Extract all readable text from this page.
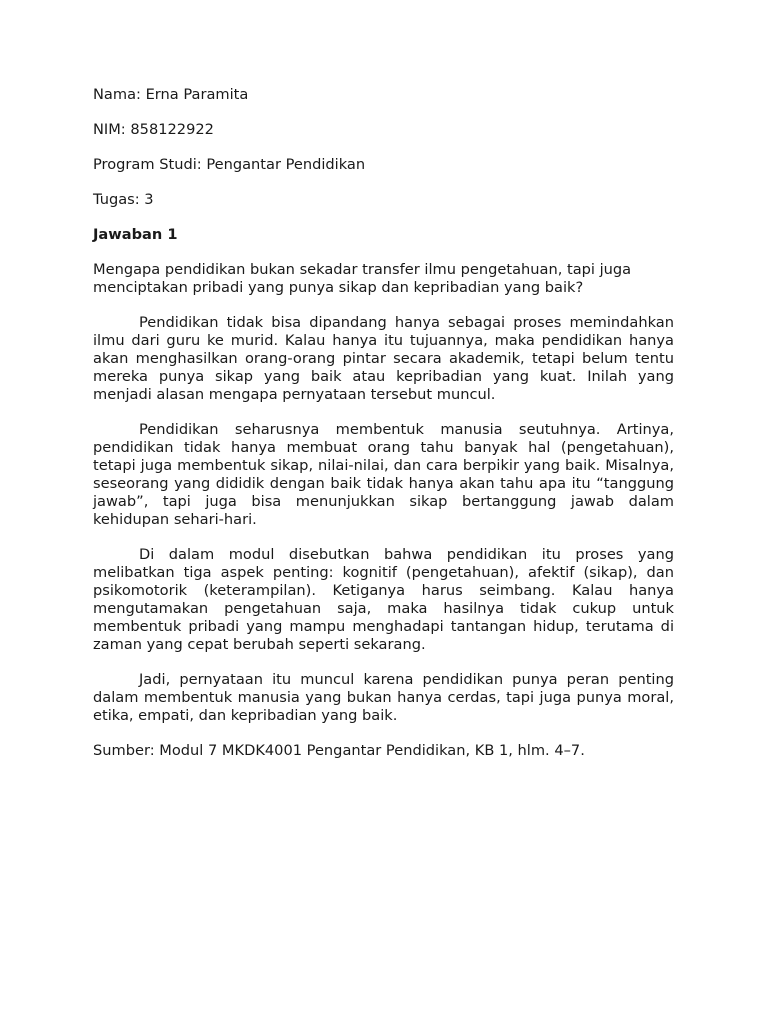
Nama: Erna Paramita

NIM: 858122922

Program Studi: Pengantar Pendidikan

Tugas: 3

Jawaban 1

Mengapa pendidikan bukan sekadar transfer ilmu pengetahuan, tapi juga menciptakan pribadi yang punya sikap dan kepribadian yang baik?

Pendidikan tidak bisa dipandang hanya sebagai proses memindahkan ilmu dari guru ke murid. Kalau hanya itu tujuannya, maka pendidikan hanya akan menghasilkan orang-orang pintar secara akademik, tetapi belum tentu mereka punya sikap yang baik atau kepribadian yang kuat. Inilah yang menjadi alasan mengapa pernyataan tersebut muncul.

Pendidikan seharusnya membentuk manusia seutuhnya. Artinya, pendidikan tidak hanya membuat orang tahu banyak hal (pengetahuan), tetapi juga membentuk sikap, nilai-nilai, dan cara berpikir yang baik. Misalnya, seseorang yang dididik dengan baik tidak hanya akan tahu apa itu “tanggung jawab”, tapi juga bisa menunjukkan sikap bertanggung jawab dalam kehidupan sehari-hari.

Di dalam modul disebutkan bahwa pendidikan itu proses yang melibatkan tiga aspek penting: kognitif (pengetahuan), afektif (sikap), dan psikomotorik (keterampilan). Ketiganya harus seimbang. Kalau hanya mengutamakan pengetahuan saja, maka hasilnya tidak cukup untuk membentuk pribadi yang mampu menghadapi tantangan hidup, terutama di zaman yang cepat berubah seperti sekarang.

Jadi, pernyataan itu muncul karena pendidikan punya peran penting dalam membentuk manusia yang bukan hanya cerdas, tapi juga punya moral, etika, empati, dan kepribadian yang baik.

Sumber: Modul 7 MKDK4001 Pengantar Pendidikan, KB 1, hlm. 4–7.
